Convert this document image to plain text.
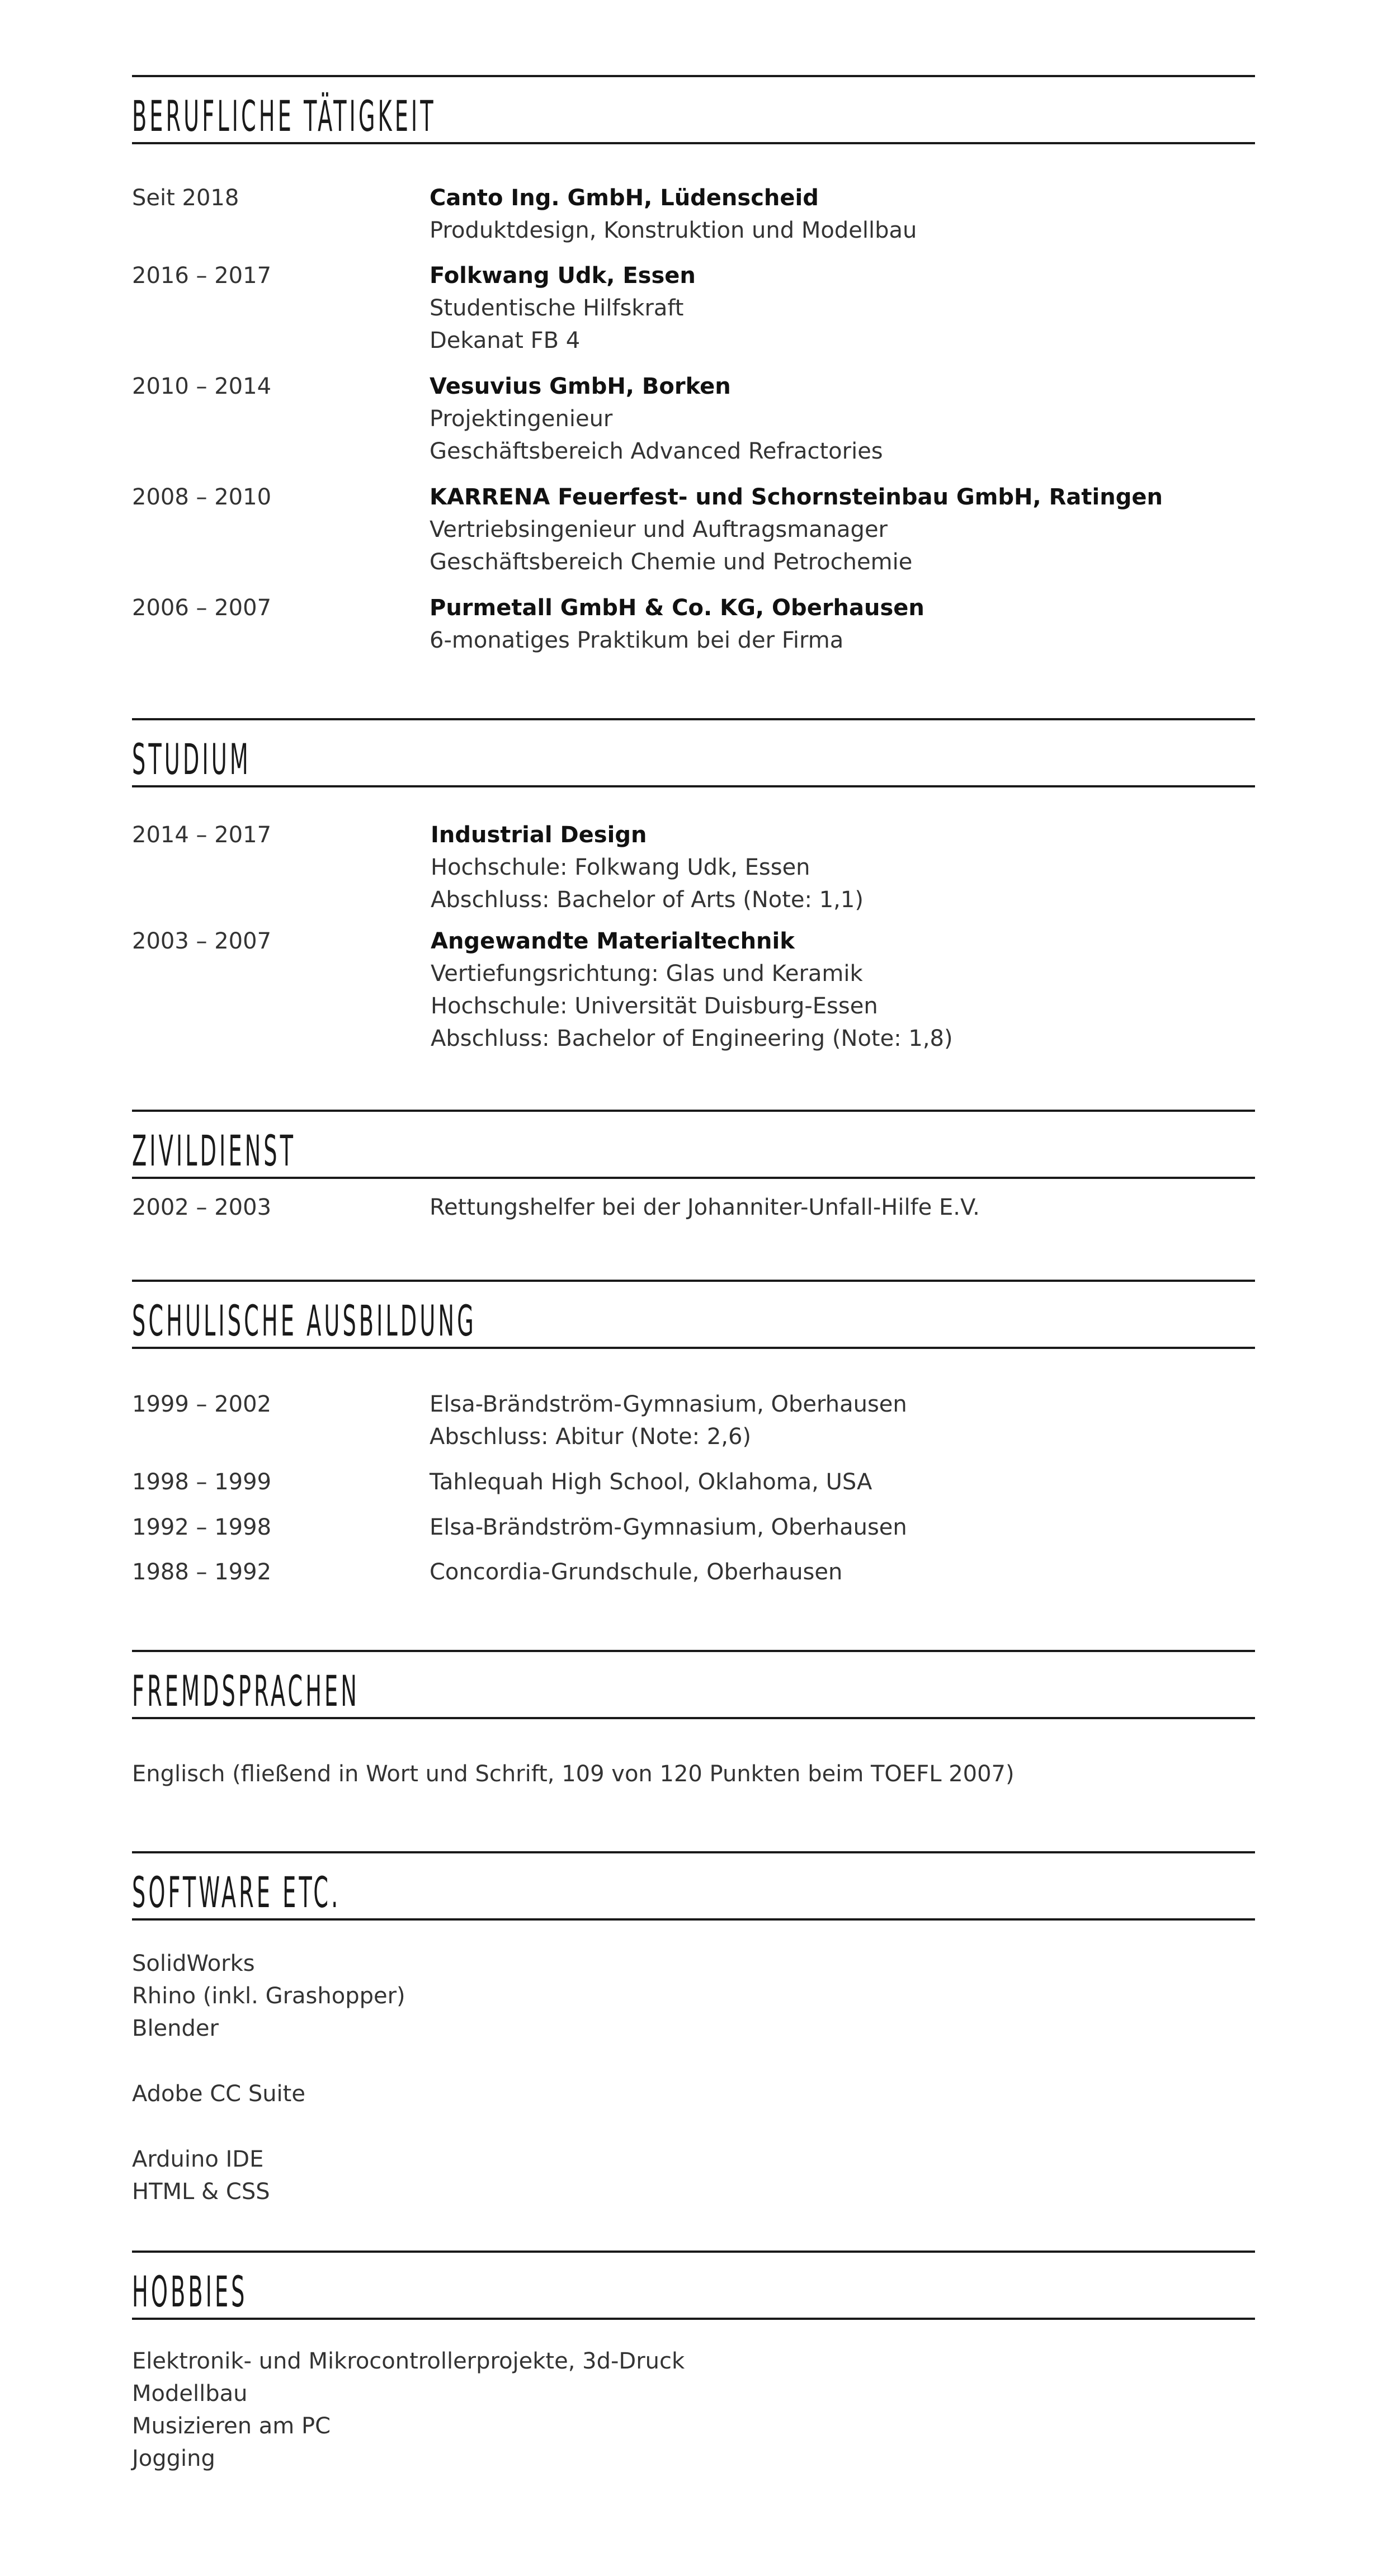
BERUFLICHE TÄTIGKEIT
Seit 2018	Canto Ing. GmbH, Lüdenscheid
Produktdesign, Konstruktion und Modellbau
2016 – 2017	Folkwang Udk, Essen
Studentische Hilfskraft
Dekanat FB 4
2010 – 2014	Vesuvius GmbH, Borken
Projektingenieur
Geschäftsbereich Advanced Refractories
2008 – 2010	KARRENA Feuerfest- und Schornsteinbau GmbH, Ratingen
Vertriebsingenieur und Auftragsmanager
Geschäftsbereich Chemie und Petrochemie
2006 – 2007	Purmetall GmbH & Co. KG, Oberhausen
6-monatiges Praktikum bei der Firma
STUDIUM
2014 – 2017	Industrial Design
Hochschule: Folkwang Udk, Essen
Abschluss: Bachelor of Arts (Note: 1,1)
2003 – 2007	Angewandte Materialtechnik
Vertiefungsrichtung: Glas und Keramik
Hochschule: Universität Duisburg-Essen
Abschluss: Bachelor of Engineering (Note: 1,8)
ZIVILDIENST
2002 – 2003	Rettungshelfer bei der Johanniter-Unfall-Hilfe E.V.
SCHULISCHE AUSBILDUNG
1999 – 2002	Elsa-Brändström-Gymnasium, Oberhausen
Abschluss: Abitur (Note: 2,6)
1998 – 1999	Tahlequah High School, Oklahoma, USA
1992 – 1998	Elsa-Brändström-Gymnasium, Oberhausen
1988 – 1992	Concordia-Grundschule, Oberhausen
FREMDSPRACHEN
Englisch (fließend in Wort und Schrift, 109 von 120 Punkten beim TOEFL 2007)
SOFTWARE ETC.
SolidWorks
Rhino (inkl. Grashopper)
Blender
Adobe CC Suite
Arduino IDE
HTML & CSS
HOBBIES
Elektronik- und Mikrocontrollerprojekte, 3d-Druck
Modellbau
Musizieren am PC
Jogging
